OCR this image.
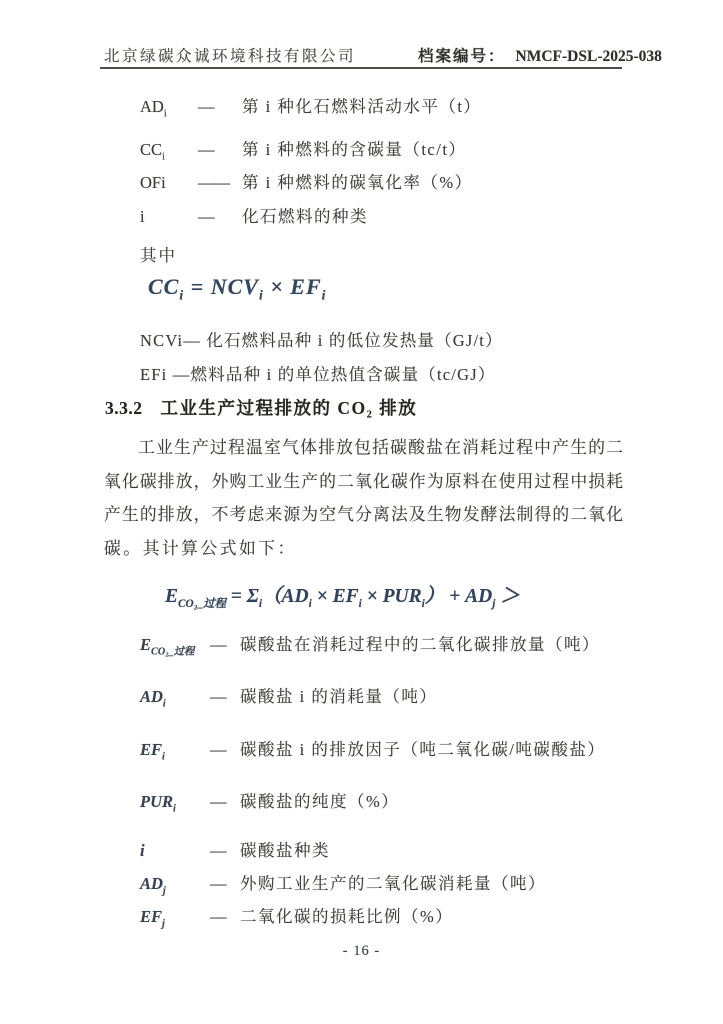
北京绿碳众诚环境科技有限公司	档案编号： NMCF-DSL-2025-038
$AD_i$	—	第 i 种化石燃料活动水平（t）
$CC_i$	—	第 i 种燃料的含碳量（tc/t）
OFi	—— 第 i 种燃料的碳氧化率（%）
i	—	化石燃料的种类
其中
$CC_i = NCV_i \times EF_i$
NCVi— 化石燃料品种 i 的低位发热量（GJ/t）
EFi —燃料品种 i 的单位热值含碳量（tc/GJ）
3.3.2 工业生产过程排放的 CO₂ 排放
工业生产过程温室气体排放包括碳酸盐在消耗过程中产生的二
氧化碳排放，外购工业生产的二氧化碳作为原料在使用过程中损耗
产生的排放，不考虑来源为空气分离法及生物发酵法制得的二氧化
碳。其计算公式如下：
$E_{CO_2\_过程} = \Sigma_i(AD_i \times EF_i \times PUR_i) + AD_j$ ＞
$E_{CO_2\_过程}$ — 碳酸盐在消耗过程中的二氧化碳排放量（吨）
$AD_i$	— 碳酸盐 i 的消耗量（吨）
$EF_i$	— 碳酸盐 i 的排放因子（吨二氧化碳/吨碳酸盐）
$PUR_i$	— 碳酸盐的纯度（%）
i	— 碳酸盐种类
$AD_j$	— 外购工业生产的二氧化碳消耗量（吨）
$EF_j$	— 二氧化碳的损耗比例（%）
- 16 -
